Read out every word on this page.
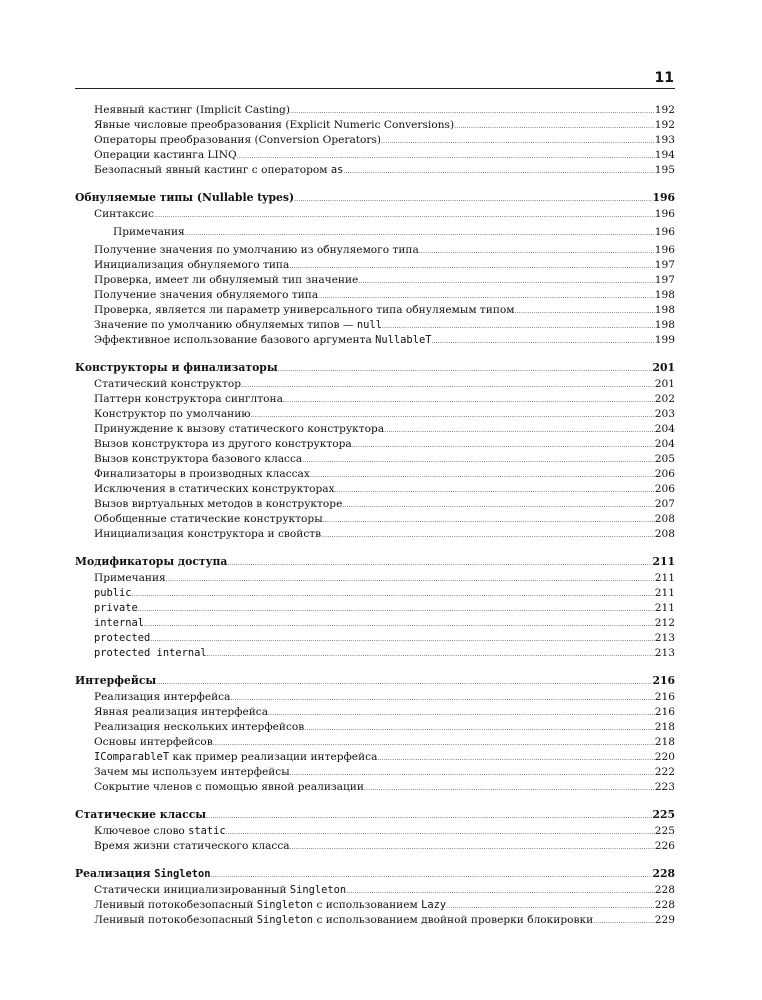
11
Неявный кастинг (Implicit Casting) .....	192
Явные числовые преобразования (Explicit Numeric Conversions) .....	192
Операторы преобразования (Conversion Operators) .....	193
Операции кастинга LINQ .....	194
Безопасный явный кастинг с оператором as .....	195
Обнуляемые типы (Nullable types) .....	196
Синтаксис .....	196
Примечания .....	196
Получение значения по умолчанию из обнуляемого типа .....	196
Инициализация обнуляемого типа .....	197
Проверка, имеет ли обнуляемый тип значение .....	197
Получение значения обнуляемого типа .....	198
Проверка, является ли параметр универсального типа обнуляемым типом .....	198
Значение по умолчанию обнуляемых типов — null .....	198
Эффективное использование базового аргумента NullableT .....	199
Конструкторы и финализаторы .....	201
Статический конструктор .....	201
Паттерн конструктора синглтона .....	202
Конструктор по умолчанию .....	203
Принуждение к вызову статического конструктора .....	204
Вызов конструктора из другого конструктора .....	204
Вызов конструктора базового класса .....	205
Финализаторы в производных классах .....	206
Исключения в статических конструкторах .....	206
Вызов виртуальных методов в конструкторе .....	207
Обобщенные статические конструкторы .....	208
Инициализация конструктора и свойств .....	208
Модификаторы доступа .....	211
Примечания .....	211
public .....	211
private .....	211
internal .....	212
protected .....	213
protected internal .....	213
Интерфейсы .....	216
Реализация интерфейса .....	216
Явная реализация интерфейса .....	216
Реализация нескольких интерфейсов .....	218
Основы интерфейсов .....	218
IComparableT как пример реализации интерфейса .....	220
Зачем мы используем интерфейсы .....	222
Сокрытие членов с помощью явной реализации .....	223
Статические классы .....	225
Ключевое слово static .....	225
Время жизни статического класса .....	226
Реализация Singleton .....	228
Статически инициализированный Singleton .....	228
Ленивый потокобезопасный Singleton с использованием Lazy .....	228
Ленивый потокобезопасный Singleton с использованием двойной проверки блокировки .....	229
